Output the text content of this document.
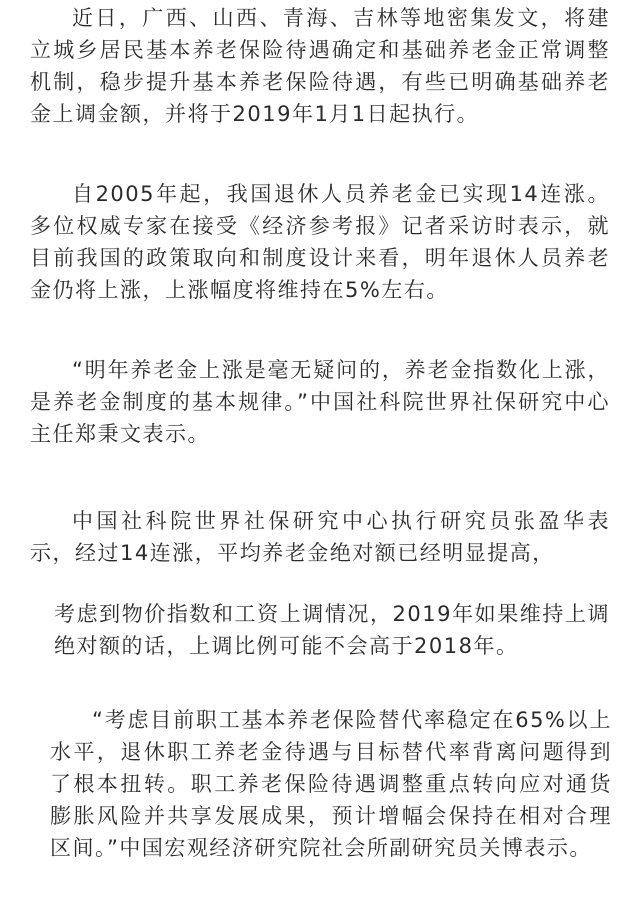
近日，广西、山西、青海、吉林等地密集发文，将建立城乡居民基本养老保险待遇确定和基础养老金正常调整机制，稳步提升基本养老保险待遇，有些已明确基础养老金上调金额，并将于2019年1月1日起执行。

自2005年起，我国退休人员养老金已实现14连涨。多位权威专家在接受《经济参考报》记者采访时表示，就目前我国的政策取向和制度设计来看，明年退休人员养老金仍将上涨，上涨幅度将维持在5%左右。

“明年养老金上涨是毫无疑问的，养老金指数化上涨，是养老金制度的基本规律。”中国社科院世界社保研究中心主任郑秉文表示。

中国社科院世界社保研究中心执行研究员张盈华表示，经过14连涨，平均养老金绝对额已经明显提高，

考虑到物价指数和工资上调情况，2019年如果维持上调绝对额的话，上调比例可能不会高于2018年。

“考虑目前职工基本养老保险替代率稳定在65%以上水平，退休职工养老金待遇与目标替代率背离问题得到了根本扭转。职工养老保险待遇调整重点转向应对通货膨胀风险并共享发展成果，预计增幅会保持在相对合理区间。”中国宏观经济研究院社会所副研究员关博表示。
